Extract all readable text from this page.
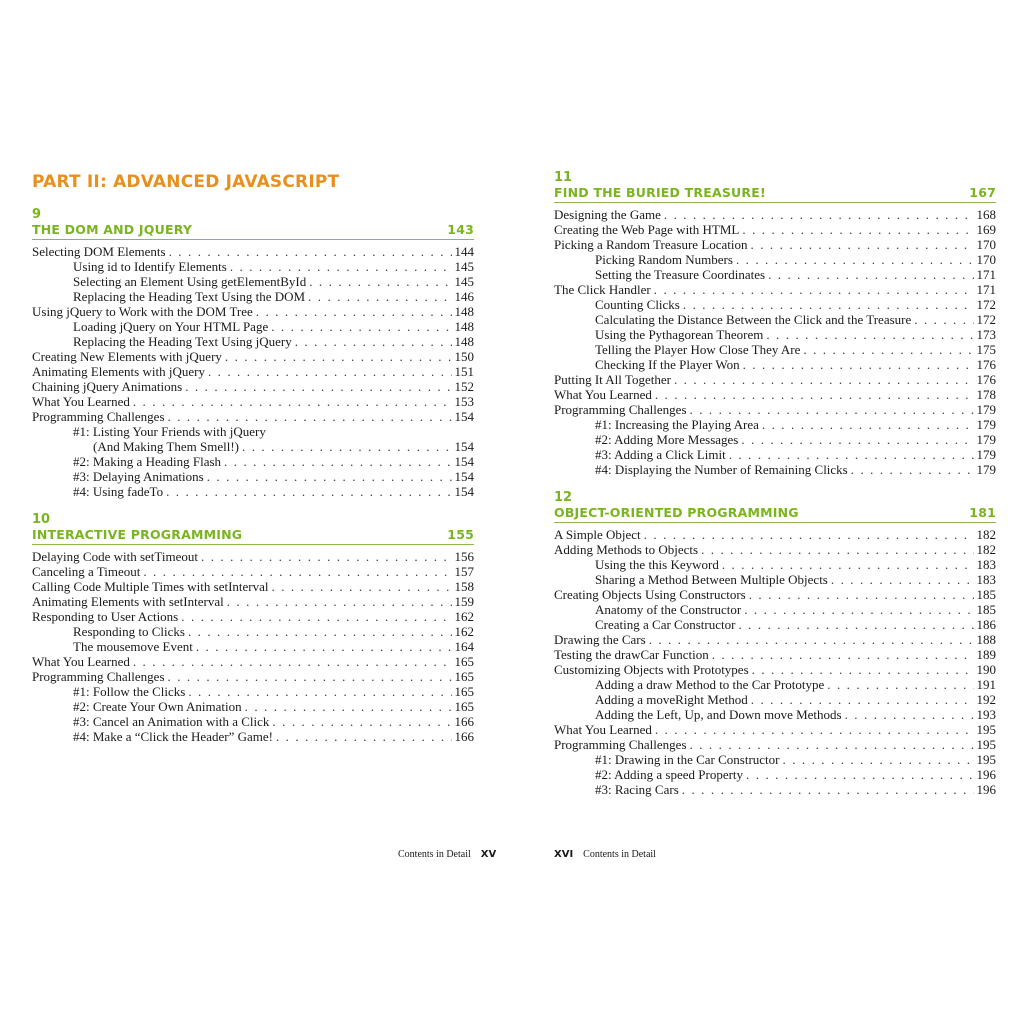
PART II: ADVANCED JAVASCRIPT
9
THE DOM AND JQUERY	143
Selecting DOM Elements . . .	144
Using id to Identify Elements . . .	145
Selecting an Element Using getElementById . . .	145
Replacing the Heading Text Using the DOM . . .	146
Using jQuery to Work with the DOM Tree . . .	148
Loading jQuery on Your HTML Page . . .	148
Replacing the Heading Text Using jQuery . . .	148
Creating New Elements with jQuery . . .	150
Animating Elements with jQuery . . .	151
Chaining jQuery Animations . . .	152
What You Learned . . .	153
Programming Challenges . . .	154
#1: Listing Your Friends with jQuery
(And Making Them Smell!) . . .	154
#2: Making a Heading Flash . . .	154
#3: Delaying Animations . . .	154
#4: Using fadeTo . . .	154
10
INTERACTIVE PROGRAMMING	155
Delaying Code with setTimeout . . .	156
Canceling a Timeout . . .	157
Calling Code Multiple Times with setInterval . . .	158
Animating Elements with setInterval . . .	159
Responding to User Actions . . .	162
Responding to Clicks . . .	162
The mousemove Event . . .	164
What You Learned . . .	165
Programming Challenges . . .	165
#1: Follow the Clicks . . .	165
#2: Create Your Own Animation . . .	165
#3: Cancel an Animation with a Click . . .	166
#4: Make a “Click the Header” Game! . . .	166
11
FIND THE BURIED TREASURE!	167
Designing the Game . . .	168
Creating the Web Page with HTML . . .	169
Picking a Random Treasure Location . . .	170
Picking Random Numbers . . .	170
Setting the Treasure Coordinates . . .	171
The Click Handler . . .	171
Counting Clicks . . .	172
Calculating the Distance Between the Click and the Treasure . . .	172
Using the Pythagorean Theorem . . .	173
Telling the Player How Close They Are . . .	175
Checking If the Player Won . . .	176
Putting It All Together . . .	176
What You Learned . . .	178
Programming Challenges . . .	179
#1: Increasing the Playing Area . . .	179
#2: Adding More Messages . . .	179
#3: Adding a Click Limit . . .	179
#4: Displaying the Number of Remaining Clicks . . .	179
12
OBJECT-ORIENTED PROGRAMMING	181
A Simple Object . . .	182
Adding Methods to Objects . . .	182
Using the this Keyword . . .	183
Sharing a Method Between Multiple Objects . . .	183
Creating Objects Using Constructors . . .	185
Anatomy of the Constructor . . .	185
Creating a Car Constructor . . .	186
Drawing the Cars . . .	188
Testing the drawCar Function . . .	189
Customizing Objects with Prototypes . . .	190
Adding a draw Method to the Car Prototype . . .	191
Adding a moveRight Method . . .	192
Adding the Left, Up, and Down move Methods . . .	193
What You Learned . . .	195
Programming Challenges . . .	195
#1: Drawing in the Car Constructor . . .	195
#2: Adding a speed Property . . .	196
#3: Racing Cars . . .	196
Contents in Detail XV	XVI Contents in Detail
